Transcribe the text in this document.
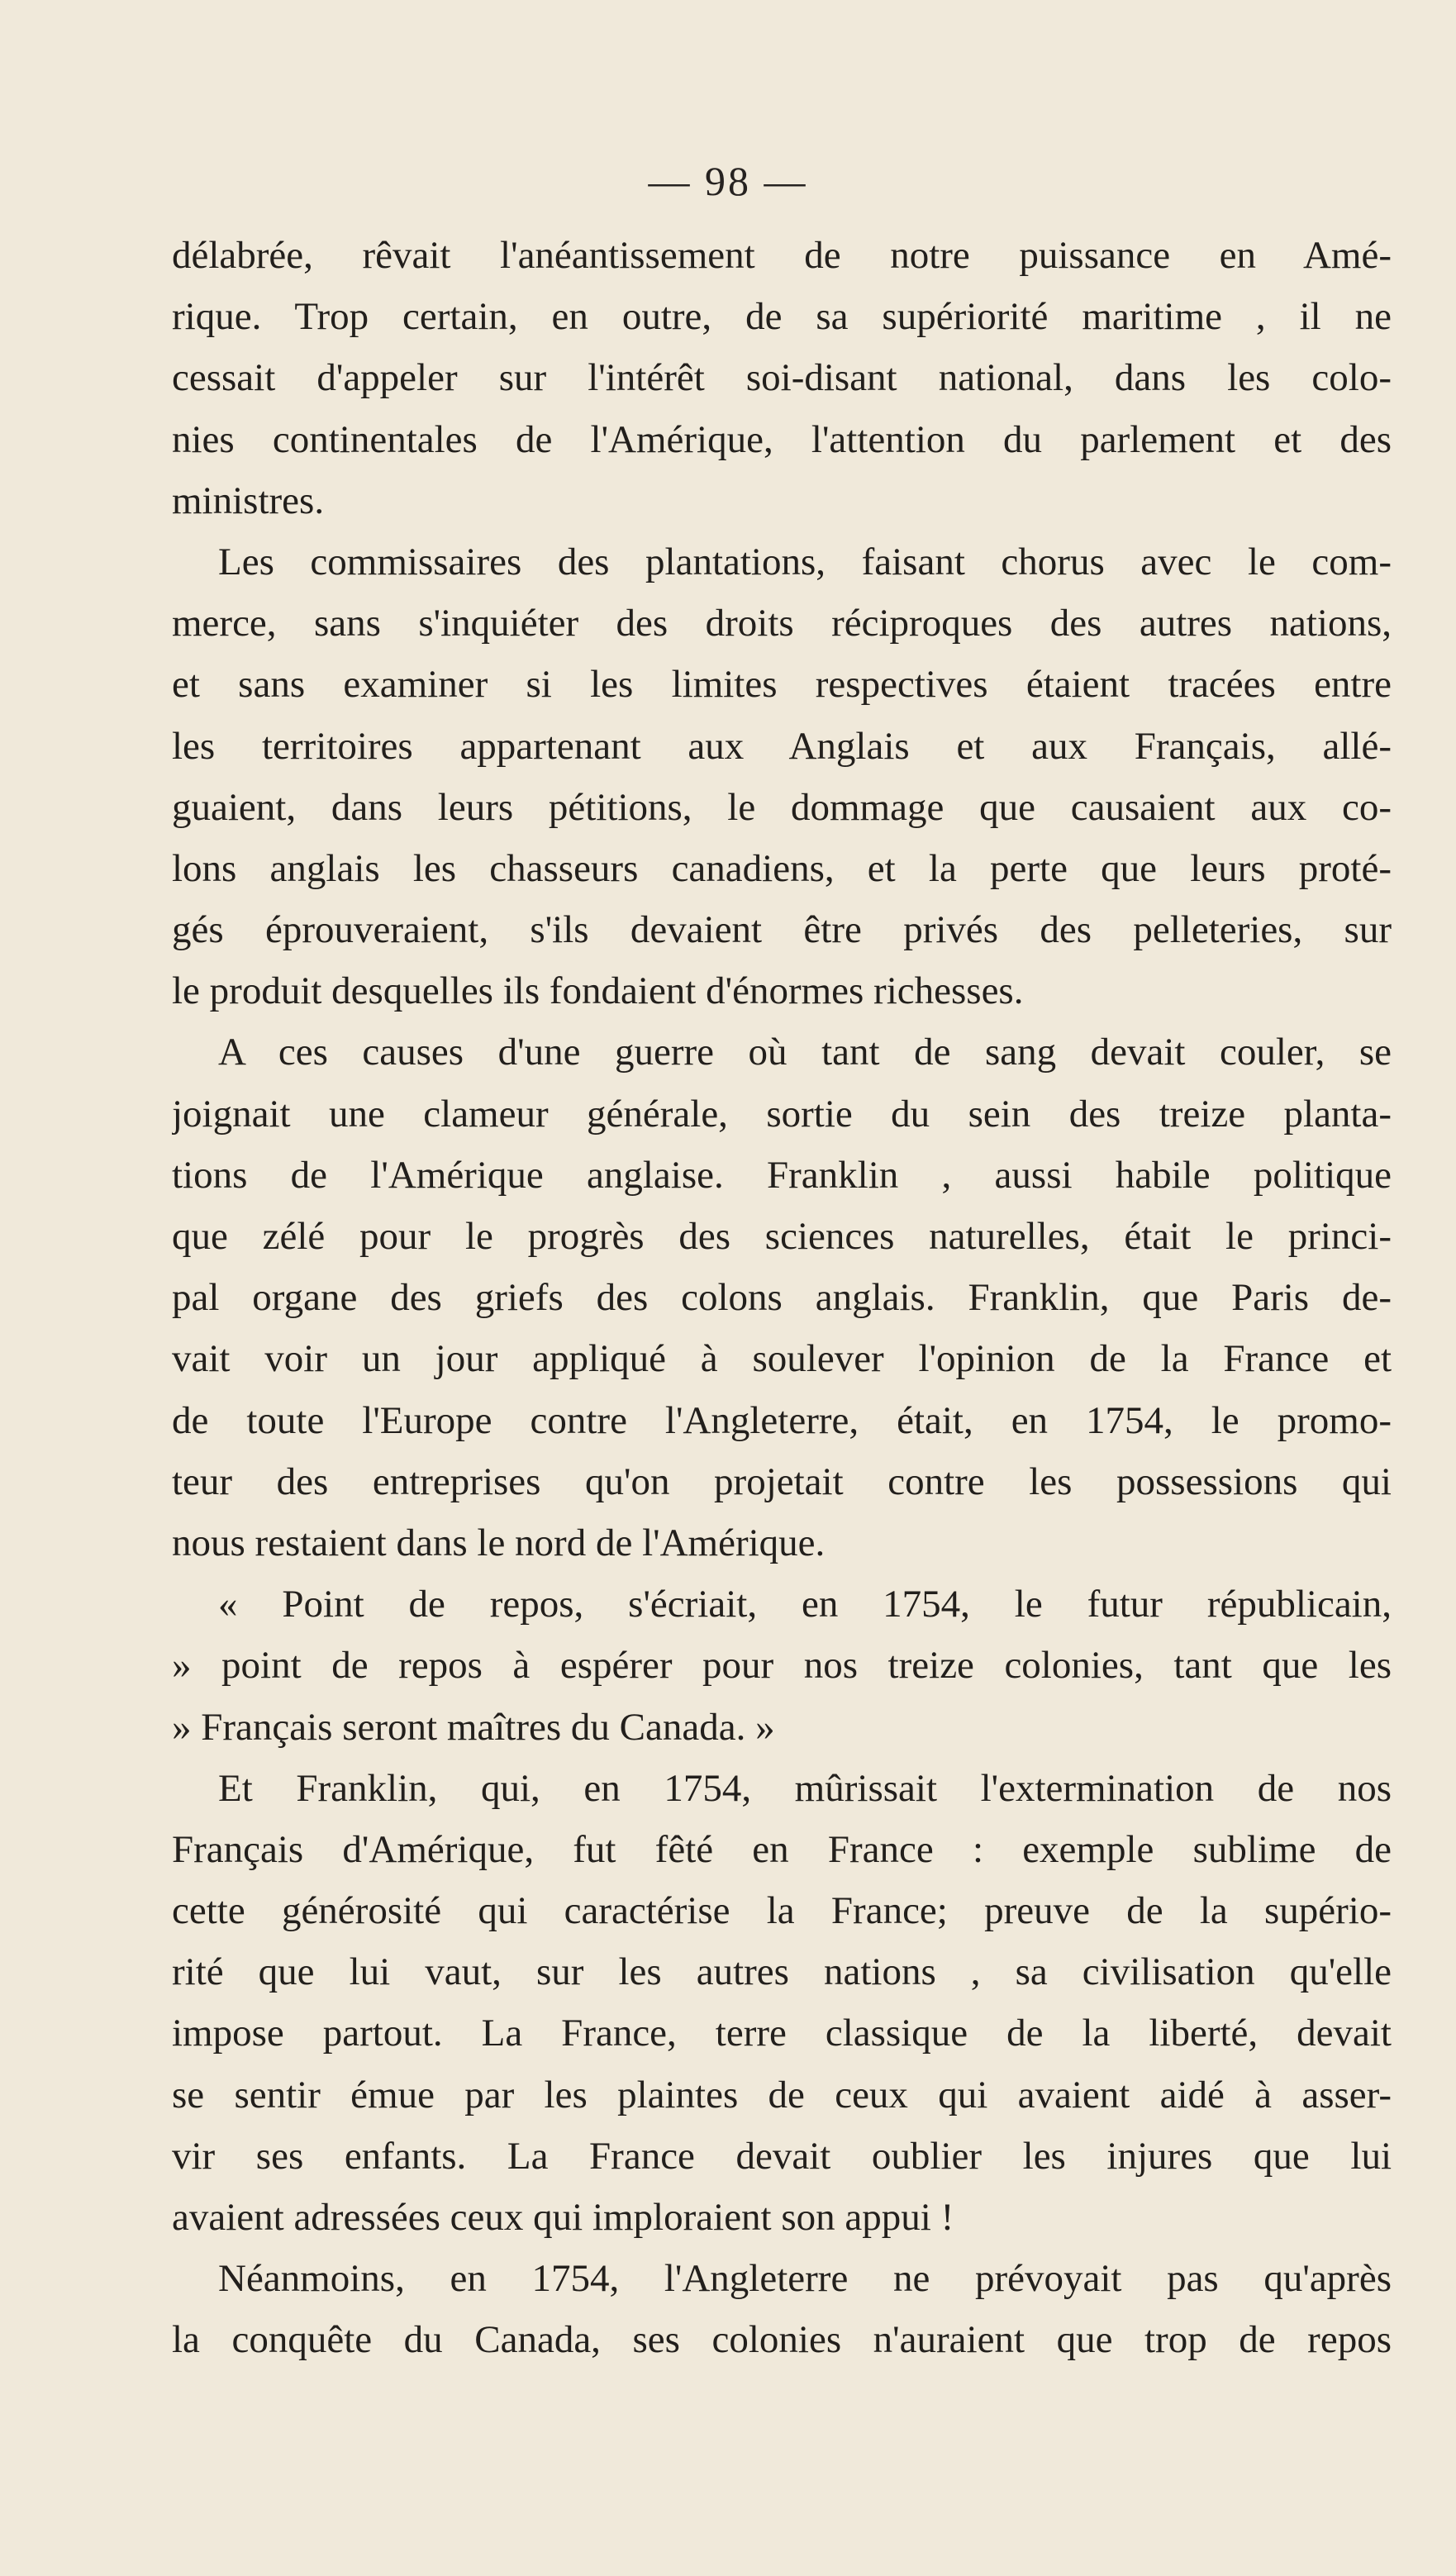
— 98 —
délabrée, rêvait l'anéantissement de notre puissance en Amé-
rique. Trop certain, en outre, de sa supériorité maritime , il ne
cessait d'appeler sur l'intérêt soi-disant national, dans les colo-
nies continentales de l'Amérique, l'attention du parlement et des
ministres.
Les commissaires des plantations, faisant chorus avec le com-
merce, sans s'inquiéter des droits réciproques des autres nations,
et sans examiner si les limites respectives étaient tracées entre
les territoires appartenant aux Anglais et aux Français, allé-
guaient, dans leurs pétitions, le dommage que causaient aux co-
lons anglais les chasseurs canadiens, et la perte que leurs proté-
gés éprouveraient, s'ils devaient être privés des pelleteries, sur
le produit desquelles ils fondaient d'énormes richesses.
A ces causes d'une guerre où tant de sang devait couler, se
joignait une clameur générale, sortie du sein des treize planta-
tions de l'Amérique anglaise. Franklin , aussi habile politique
que zélé pour le progrès des sciences naturelles, était le princi-
pal organe des griefs des colons anglais. Franklin, que Paris de-
vait voir un jour appliqué à soulever l'opinion de la France et
de toute l'Europe contre l'Angleterre, était, en 1754, le promo-
teur des entreprises qu'on projetait contre les possessions qui
nous restaient dans le nord de l'Amérique.
« Point de repos, s'écriait, en 1754, le futur républicain,
» point de repos à espérer pour nos treize colonies, tant que les
» Français seront maîtres du Canada. »
Et Franklin, qui, en 1754, mûrissait l'extermination de nos
Français d'Amérique, fut fêté en France : exemple sublime de
cette générosité qui caractérise la France; preuve de la supério-
rité que lui vaut, sur les autres nations , sa civilisation qu'elle
impose partout. La France, terre classique de la liberté, devait
se sentir émue par les plaintes de ceux qui avaient aidé à asser-
vir ses enfants. La France devait oublier les injures que lui
avaient adressées ceux qui imploraient son appui !
Néanmoins, en 1754, l'Angleterre ne prévoyait pas qu'après
la conquête du Canada, ses colonies n'auraient que trop de repos
